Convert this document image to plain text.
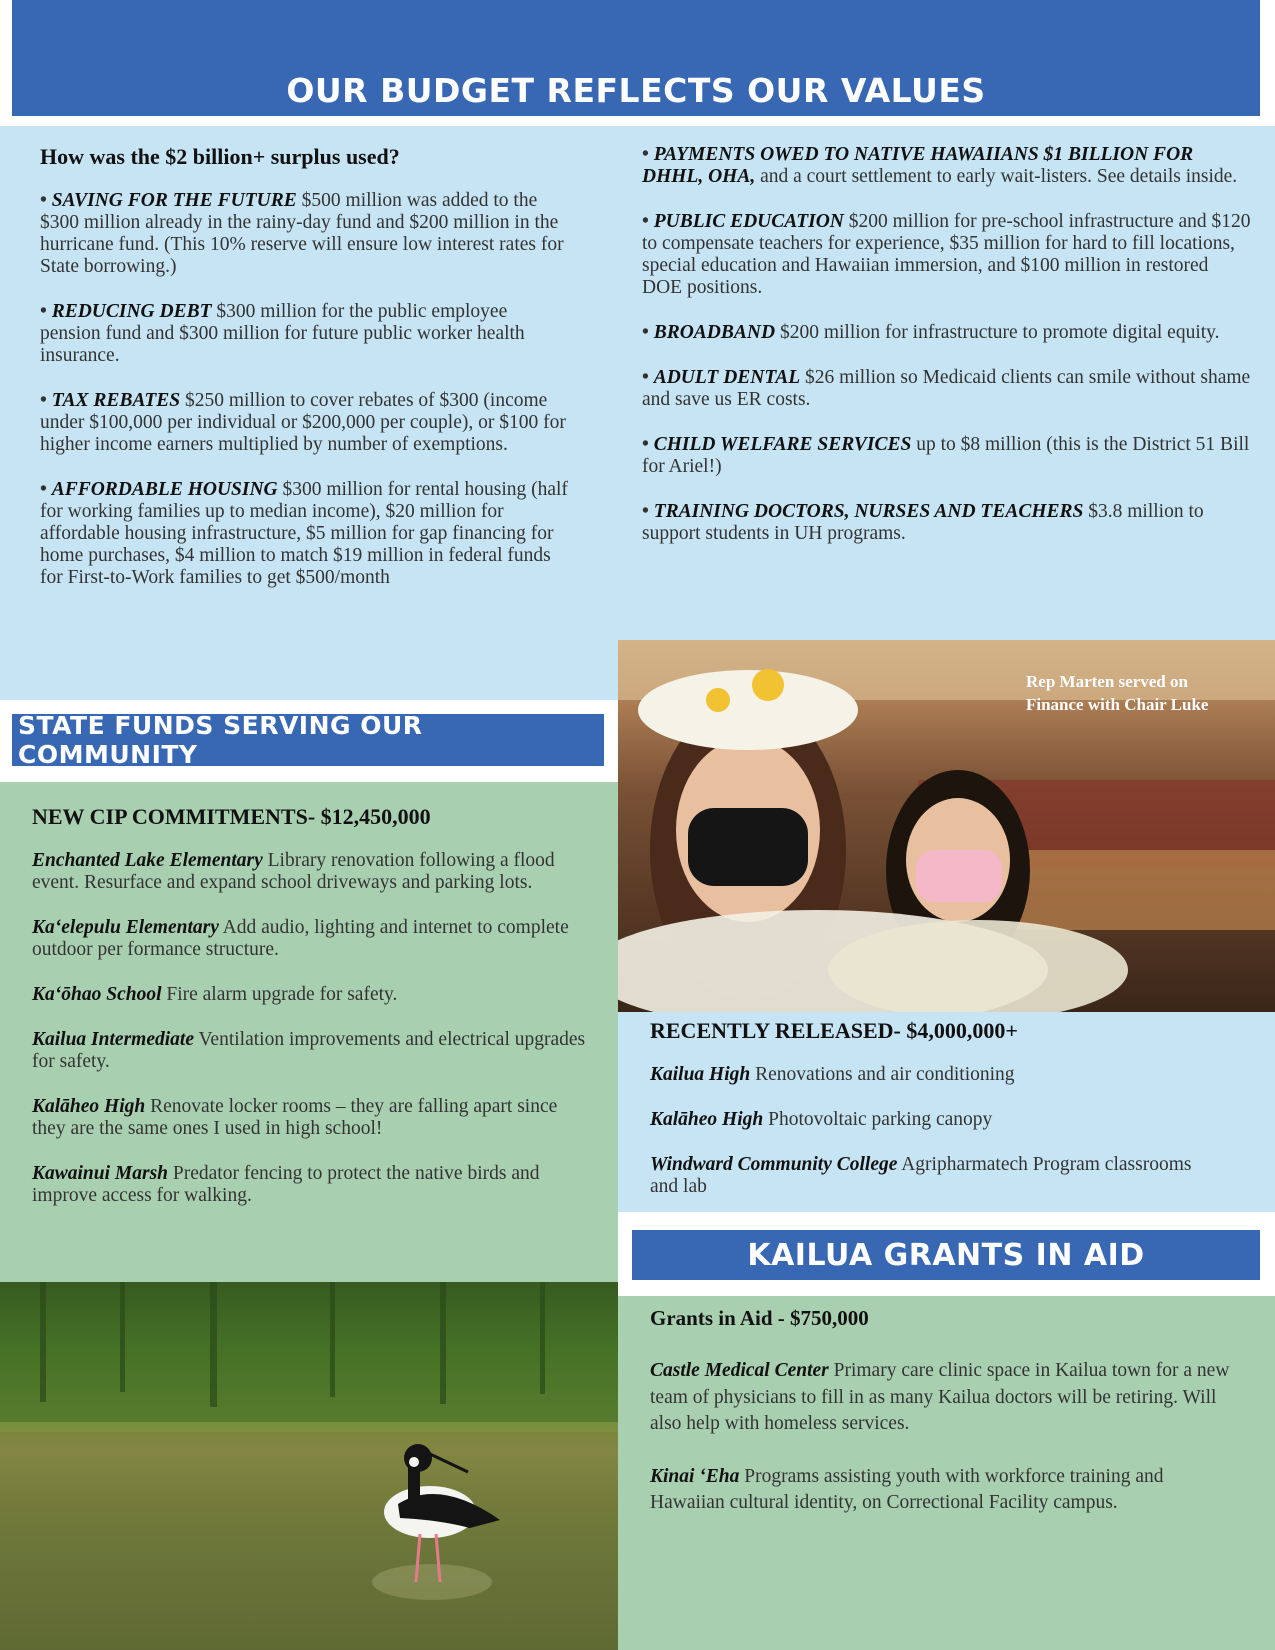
OUR BUDGET REFLECTS OUR VALUES
How was the $2 billion+ surplus used?

• SAVING FOR THE FUTURE $500 million was added to the $300 million already in the rainy-day fund and $200 million in the hurricane fund. (This 10% reserve will ensure low interest rates for State borrowing.)

• REDUCING DEBT $300 million for the public employee pension fund and $300 million for future public worker health insurance.

• TAX REBATES $250 million to cover rebates of $300 (income under $100,000 per individual or $200,000 per couple), or $100 for higher income earners multiplied by number of exemptions.

• AFFORDABLE HOUSING $300 million for rental housing (half for working families up to median income), $20 million for affordable housing infrastructure, $5 million for gap financing for home purchases, $4 million to match $19 million in federal funds for First-to-Work families to get $500/month

• PAYMENTS OWED TO NATIVE HAWAIIANS $1 BILLION FOR DHHL, OHA, and a court settlement to early wait-listers. See details inside.

• PUBLIC EDUCATION $200 million for pre-school infrastructure and $120 to compensate teachers for experience, $35 million for hard to fill locations, special education and Hawaiian immersion, and $100 million in restored DOE positions.

• BROADBAND $200 million for infrastructure to promote digital equity.

• ADULT DENTAL $26 million so Medicaid clients can smile without shame and save us ER costs.

• CHILD WELFARE SERVICES up to $8 million (this is the District 51 Bill for Ariel!)

• TRAINING DOCTORS, NURSES AND TEACHERS $3.8 million to support students in UH programs.

STATE FUNDS SERVING OUR COMMUNITY
NEW CIP COMMITMENTS- $12,450,000

Enchanted Lake Elementary Library renovation following a flood event. Resurface and expand school driveways and parking lots.

Ka‘elepulu Elementary Add audio, lighting and internet to complete outdoor per formance structure.

Ka‘ōhao School Fire alarm upgrade for safety.

Kailua Intermediate Ventilation improvements and electrical upgrades for safety.

Kalāheo High Renovate locker rooms – they are falling apart since they are the same ones I used in high school!

Kawainui Marsh Predator fencing to protect the native birds and improve access for walking.

Rep Marten served on Finance with Chair Luke
RECENTLY RELEASED- $4,000,000+

Kailua High Renovations and air conditioning

Kalāheo High Photovoltaic parking canopy

Windward Community College Agripharmatech Program classrooms and lab

KAILUA GRANTS IN AID
Grants in Aid - $750,000

Castle Medical Center Primary care clinic space in Kailua town for a new team of physicians to fill in as many Kailua doctors will be retiring. Will also help with homeless services.

Kinai ‘Eha Programs assisting youth with workforce training and Hawaiian cultural identity, on Correctional Facility campus.
